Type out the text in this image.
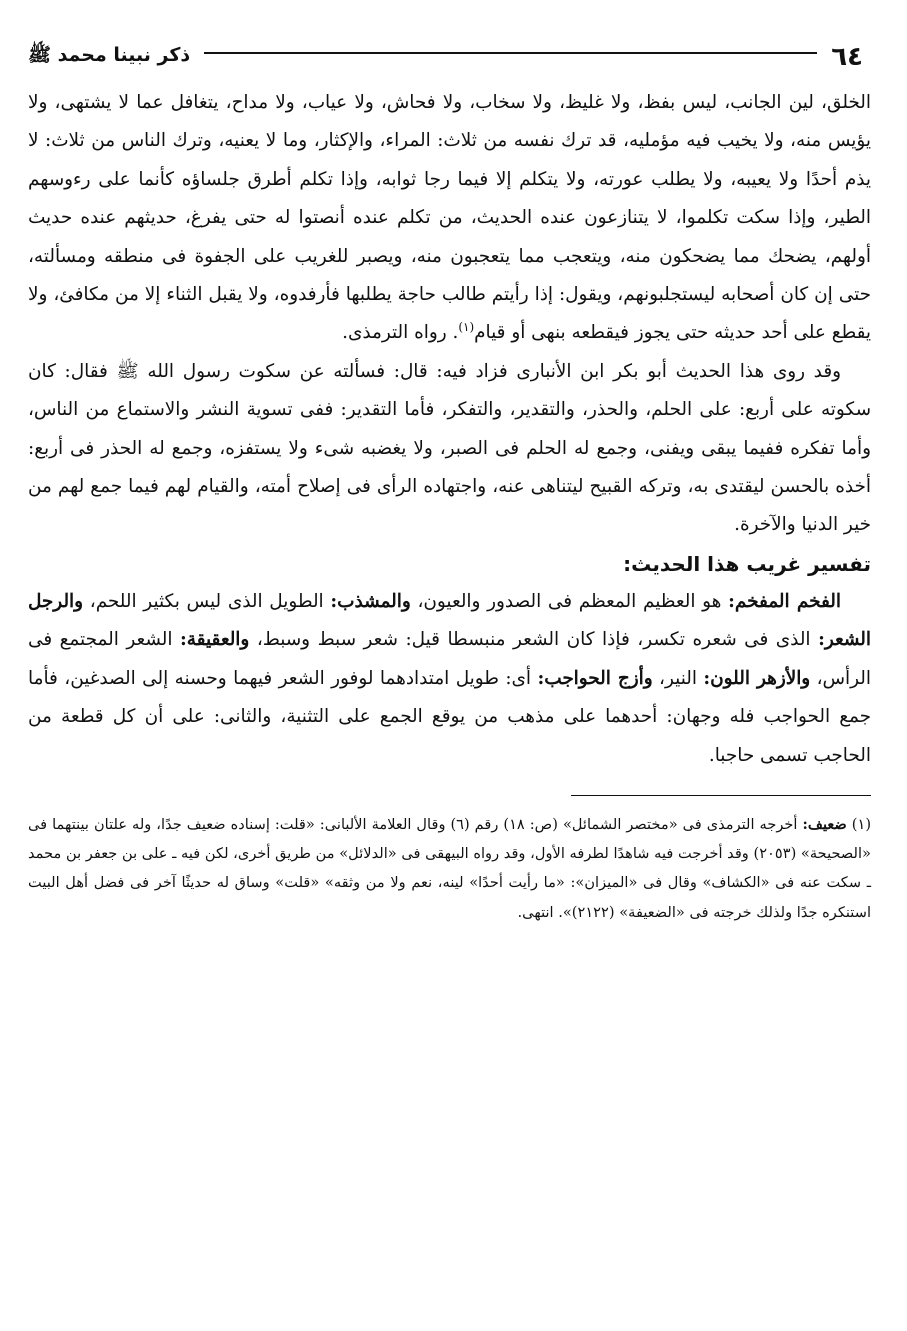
٦٤
ذكر نبينا محمد ﷺ

الخلق، لين الجانب، ليس بفظ، ولا غليظ، ولا سخاب، ولا فحاش، ولا عياب، ولا مداح، يتغافل عما لا يشتهى، ولا يؤيس منه، ولا يخيب فيه مؤمليه، قد ترك نفسه من ثلاث: المراء، والإكثار، وما لا يعنيه، وترك الناس من ثلاث: لا يذم أحدًا ولا يعيبه، ولا يطلب عورته، ولا يتكلم إلا فيما رجا ثوابه، وإذا تكلم أطرق جلساؤه كأنما على رءوسهم الطير، وإذا سكت تكلموا، لا يتنازعون عنده الحديث، من تكلم عنده أنصتوا له حتى يفرغ، حديثهم عنده حديث أولهم، يضحك مما يضحكون منه، ويتعجب مما يتعجبون منه، ويصبر للغريب على الجفوة فى منطقه ومسألته، حتى إن كان أصحابه ليستجلبونهم، ويقول: إذا رأيتم طالب حاجة يطلبها فأرفدوه، ولا يقبل الثناء إلا من مكافئ، ولا يقطع على أحد حديثه حتى يجوز فيقطعه بنهى أو قيام$^{(١)}$. رواه الترمذى.

وقد روى هذا الحديث أبو بكر ابن الأنبارى فزاد فيه: قال: فسألته عن سكوت رسول الله ﷺ فقال: كان سكوته على أربع: على الحلم، والحذر، والتقدير، والتفكر، فأما التقدير: ففى تسوية النشر والاستماع من الناس، وأما تفكره ففيما يبقى ويفنى، وجمع له الحلم فى الصبر، ولا يغضبه شىء ولا يستفزه، وجمع له الحذر فى أربع: أخذه بالحسن ليقتدى به، وتركه القبيح ليتناهى عنه، واجتهاده الرأى فى إصلاح أمته، والقيام لهم فيما جمع لهم من خير الدنيا والآخرة.

تفسير غريب هذا الحديث:

الفخم المفخم: هو العظيم المعظم فى الصدور والعيون، والمشذب: الطويل الذى ليس بكثير اللحم، والرجل الشعر: الذى فى شعره تكسر، فإذا كان الشعر منبسطا قيل: شعر سبط وسبط، والعقيقة: الشعر المجتمع فى الرأس، والأزهر اللون: النير، وأزج الحواجب: أى: طويل امتدادهما لوفور الشعر فيهما وحسنه إلى الصدغين، فأما جمع الحواجب فله وجهان: أحدهما على مذهب من يوقع الجمع على التثنية، والثانى: على أن كل قطعة من الحاجب تسمى حاجبا.

(١) ضعيف: أخرجه الترمذى فى «مختصر الشمائل» (ص: ١٨) رقم (٦) وقال العلامة الألبانى: «قلت: إسناده ضعيف جدًا، وله علتان بينتهما فى «الصحيحة» (٢٠٥٣) وقد أخرجت فيه شاهدًا لطرفه الأول، وقد رواه البيهقى فى «الدلائل» من طريق أخرى، لكن فيه ـ على بن جعفر بن محمد ـ سكت عنه فى «الكشاف» وقال فى «الميزان»: «ما رأيت أحدًا» لينه، نعم ولا من وثقه» «قلت» وساق له حديثًا آخر فى فضل أهل البيت استنكره جدًا ولذلك خرجته فى «الضعيفة» (٢١٢٢)». انتهى.
